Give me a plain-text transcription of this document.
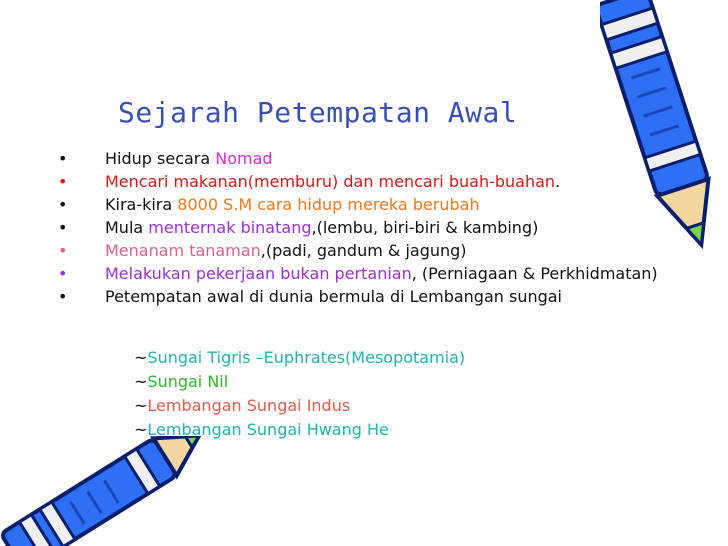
Sejarah Petempatan Awal
• Hidup secara Nomad
• Mencari makanan(memburu) dan mencari buah-buahan.
• Kira-kira 8000 S.M cara hidup mereka berubah
• Mula menternak binatang,(lembu, biri-biri & kambing)
• Menanam tanaman,(padi, gandum & jagung)
• Melakukan pekerjaan bukan pertanian, (Perniagaan & Perkhidmatan)
• Petempatan awal di dunia bermula di Lembangan sungai
~Sungai Tigris –Euphrates(Mesopotamia)
~Sungai Nil
~Lembangan Sungai Indus
~Lembangan Sungai Hwang He
